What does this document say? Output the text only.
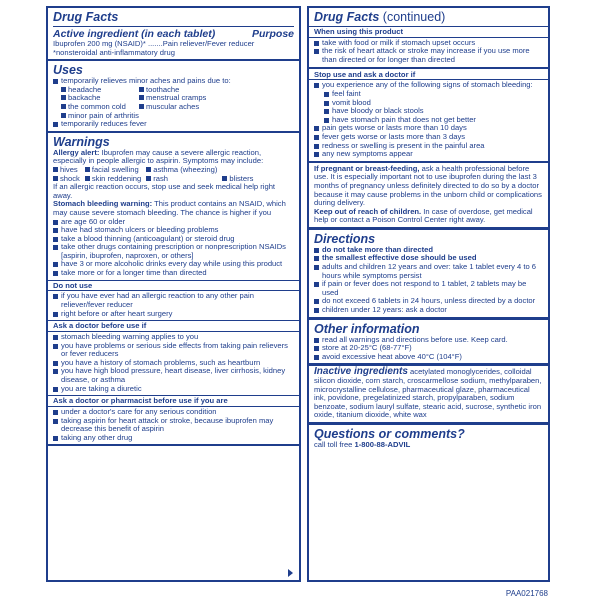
Drug Facts
Active ingredient (in each tablet)	Purpose
Ibuprofen 200 mg (NSAID)* .......Pain reliever/Fever reducer
*nonsteroidal anti-inflammatory drug
Uses
temporarily relieves minor aches and pains due to:
headache	toothache
backache	menstrual cramps
the common cold	muscular aches
minor pain of arthritis
temporarily reduces fever
Warnings
Allergy alert: Ibuprofen may cause a severe allergic reaction, especially in people allergic to aspirin. Symptoms may include:
hives	facial swelling	asthma (wheezing)
shock	skin reddening	rash	blisters
If an allergic reaction occurs, stop use and seek medical help right away.
Stomach bleeding warning: This product contains an NSAID, which may cause severe stomach bleeding. The chance is higher if you
are age 60 or older
have had stomach ulcers or bleeding problems
take a blood thinning (anticoagulant) or steroid drug
take other drugs containing prescription or nonprescription NSAIDs [aspirin, ibuprofen, naproxen, or others]
have 3 or more alcoholic drinks every day while using this product
take more or for a longer time than directed
Do not use
if you have ever had an allergic reaction to any other pain reliever/fever reducer
right before or after heart surgery
Ask a doctor before use if
stomach bleeding warning applies to you
you have problems or serious side effects from taking pain relievers or fever reducers
you have a history of stomach problems, such as heartburn
you have high blood pressure, heart disease, liver cirrhosis, kidney disease, or asthma
you are taking a diuretic
Ask a doctor or pharmacist before use if you are
under a doctor's care for any serious condition
taking aspirin for heart attack or stroke, because ibuprofen may decrease this benefit of aspirin
taking any other drug
Drug Facts (continued)
When using this product
take with food or milk if stomach upset occurs
the risk of heart attack or stroke may increase if you use more than directed or for longer than directed
Stop use and ask a doctor if
you experience any of the following signs of stomach bleeding:
feel faint
vomit blood
have bloody or black stools
have stomach pain that does not get better
pain gets worse or lasts more than 10 days
fever gets worse or lasts more than 3 days
redness or swelling is present in the painful area
any new symptoms appear
If pregnant or breast-feeding, ask a health professional before use. It is especially important not to use ibuprofen during the last 3 months of pregnancy unless definitely directed to do so by a doctor because it may cause problems in the unborn child or complications during delivery.
Keep out of reach of children. In case of overdose, get medical help or contact a Poison Control Center right away.
Directions
do not take more than directed
the smallest effective dose should be used
adults and children 12 years and over: take 1 tablet every 4 to 6 hours while symptoms persist
if pain or fever does not respond to 1 tablet, 2 tablets may be used
do not exceed 6 tablets in 24 hours, unless directed by a doctor
children under 12 years: ask a doctor
Other information
read all warnings and directions before use. Keep card.
store at 20-25°C (68-77°F)
avoid excessive heat above 40°C (104°F)
Inactive ingredients acetylated monoglycerides, colloidal silicon dioxide, corn starch, croscarmellose sodium, methylparaben, microcrystalline cellulose, pharmaceutical glaze, pharmaceutical ink, povidone, pregelatinized starch, propylparaben, sodium benzoate, sodium lauryl sulfate, stearic acid, sucrose, synthetic iron oxide, titanium dioxide, white wax
Questions or comments?
call toll free 1-800-88-ADVIL
PAA021768
